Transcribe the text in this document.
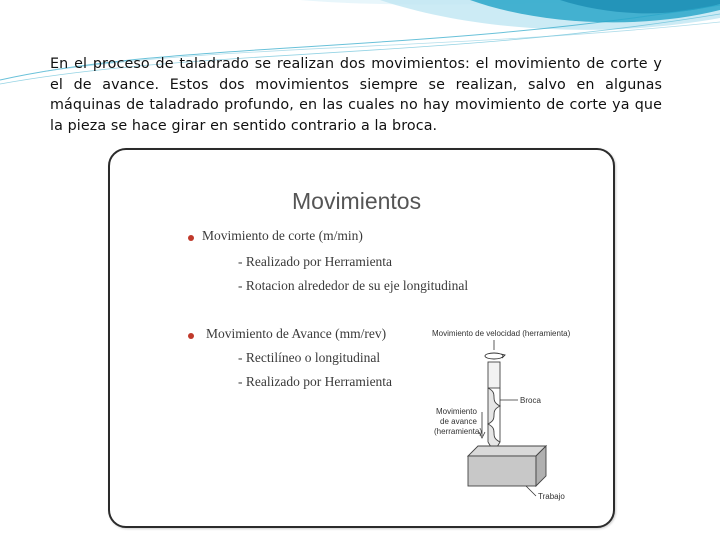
En el proceso de taladrado se realizan dos movimientos: el movimiento de corte y el de avance. Estos dos movimientos siempre se realizan, salvo en algunas máquinas de taladrado profundo, en las cuales no hay movimiento de corte ya que la pieza se hace girar en sentido contrario a la broca.

Movimientos

Movimiento de corte (m/min)

- Realizado por Herramienta

- Rotacion alrededor de su eje longitudinal

Movimiento de Avance (mm/rev)

- Rectilíneo o longitudinal

- Realizado por Herramienta

Movimiento de velocidad (herramienta)
Broca
Movimiento
de avance
(herramienta)
Trabajo
